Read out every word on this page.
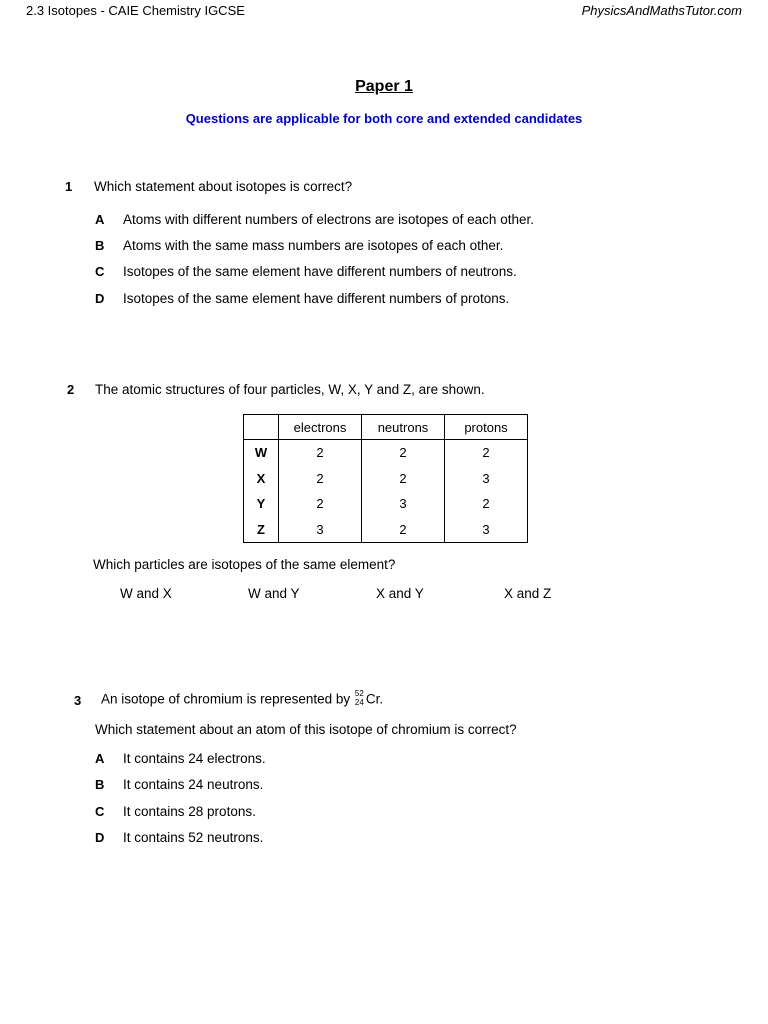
2.3 Isotopes - CAIE Chemistry IGCSE	PhysicsAndMathsTutor.com
Paper 1
Questions are applicable for both core and extended candidates
1 Which statement about isotopes is correct?
A Atoms with different numbers of electrons are isotopes of each other.
B Atoms with the same mass numbers are isotopes of each other.
C Isotopes of the same element have different numbers of neutrons.
D Isotopes of the same element have different numbers of protons.
2 The atomic structures of four particles, W, X, Y and Z, are shown.
	electrons	neutrons	protons
W	2	2	2
X	2	2	3
Y	2	3	2
Z	3	2	3
Which particles are isotopes of the same element?
W and X	W and Y	X and Y	X and Z
3 An isotope of chromium is represented by 52
24 Cr.
Which statement about an atom of this isotope of chromium is correct?
A It contains 24 electrons.
B It contains 24 neutrons.
C It contains 28 protons.
D It contains 52 neutrons.
